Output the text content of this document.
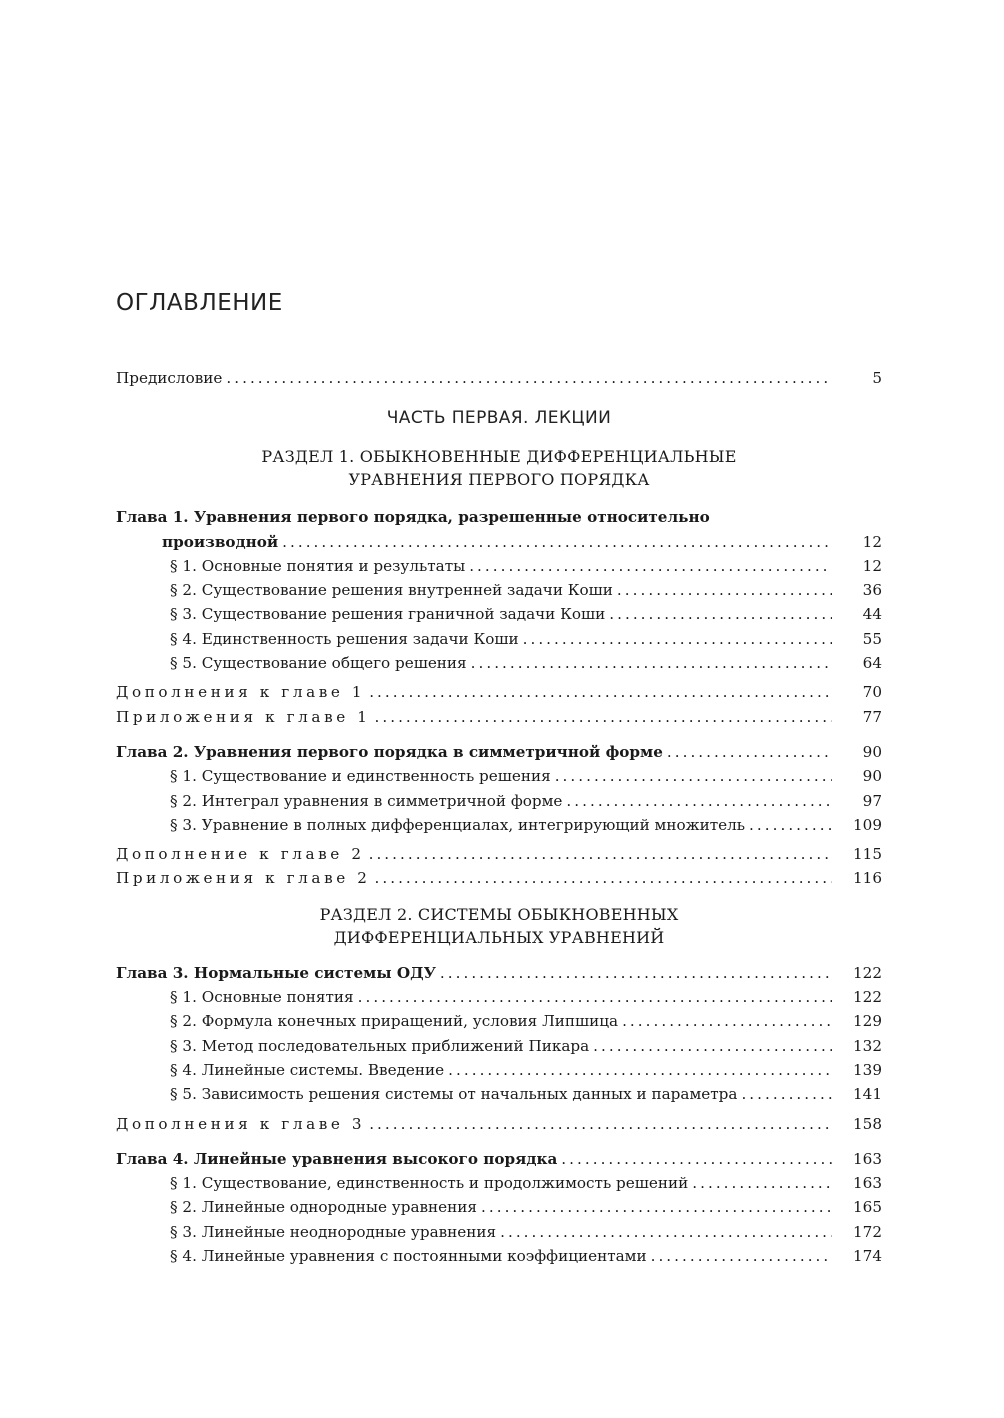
ОГЛАВЛЕНИЕ
Предисловие . . .	5
ЧАСТЬ ПЕРВАЯ. ЛЕКЦИИ
РАЗДЕЛ 1. ОБЫКНОВЕННЫЕ ДИФФЕРЕНЦИАЛЬНЫЕ
УРАВНЕНИЯ ПЕРВОГО ПОРЯДКА
Глава 1. Уравнения первого порядка, разрешенные относительно
производной . . .	12
§ 1. Основные понятия и результаты . . .	12
§ 2. Существование решения внутренней задачи Коши . . .	36
§ 3. Существование решения граничной задачи Коши . . .	44
§ 4. Единственность решения задачи Коши . . .	55
§ 5. Существование общего решения . . .	64
Дополнения к главе 1 . . .	70
Приложения к главе 1 . . .	77
Глава 2. Уравнения первого порядка в симметричной форме . . .	90
§ 1. Существование и единственность решения . . .	90
§ 2. Интеграл уравнения в симметричной форме . . .	97
§ 3. Уравнение в полных дифференциалах, интегрирующий множитель . . .	109
Дополнение к главе 2 . . .	115
Приложения к главе 2 . . .	116
РАЗДЕЛ 2. СИСТЕМЫ ОБЫКНОВЕННЫХ
ДИФФЕРЕНЦИАЛЬНЫХ УРАВНЕНИЙ
Глава 3. Нормальные системы ОДУ . . .	122
§ 1. Основные понятия . . .	122
§ 2. Формула конечных приращений, условия Липшица . . .	129
§ 3. Метод последовательных приближений Пикара . . .	132
§ 4. Линейные системы. Введение . . .	139
§ 5. Зависимость решения системы от начальных данных и параметра . . .	141
Дополнения к главе 3 . . .	158
Глава 4. Линейные уравнения высокого порядка . . .	163
§ 1. Существование, единственность и продолжимость решений . . .	163
§ 2. Линейные однородные уравнения . . .	165
§ 3. Линейные неоднородные уравнения . . .	172
§ 4. Линейные уравнения с постоянными коэффициентами . . .	174
